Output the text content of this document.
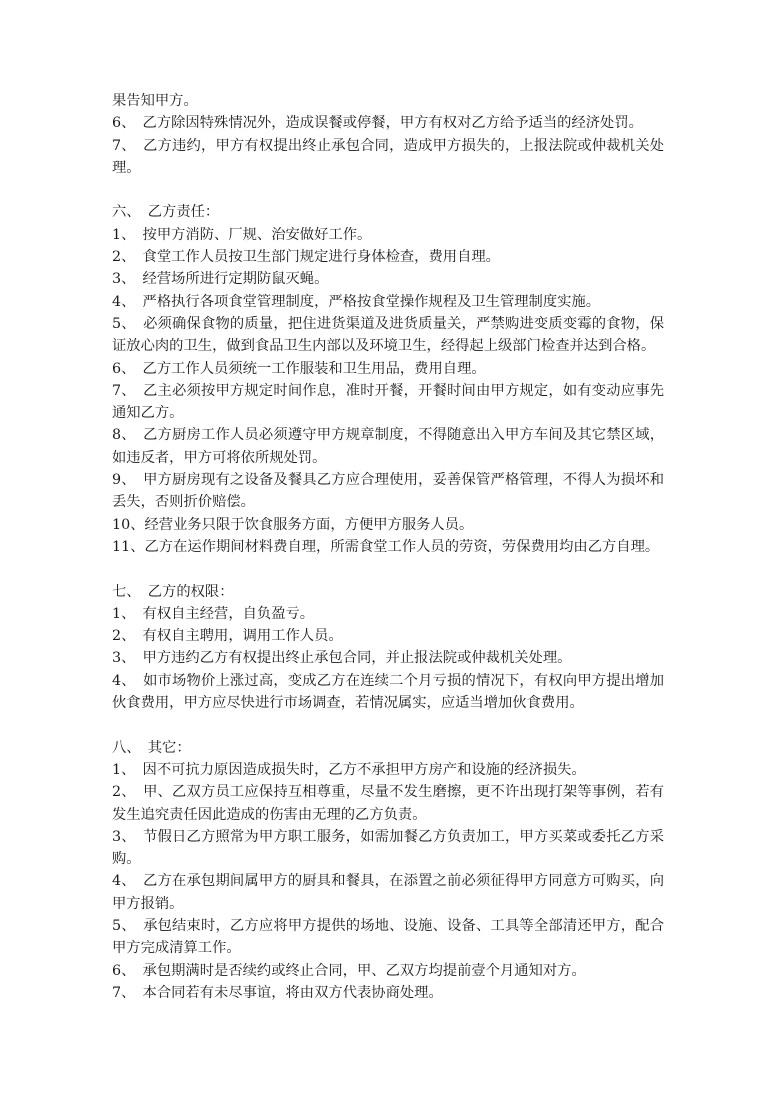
果告知甲方。

6、　乙方除因特殊情况外，造成误餐或停餐，甲方有权对乙方给予适当的经济处罚。

7、　乙方违约，甲方有权提出终止承包合同，造成甲方损失的，上报法院或仲裁机关处理。

六、　乙方责任：

1、　按甲方消防、厂规、治安做好工作。

2、　食堂工作人员按卫生部门规定进行身体检查，费用自理。

3、　经营场所进行定期防鼠灭蝇。

4、　严格执行各项食堂管理制度，严格按食堂操作规程及卫生管理制度实施。

5、　必须确保食物的质量，把住进货渠道及进货质量关，严禁购进变质变霉的食物，保证放心肉的卫生，做到食品卫生内部以及环境卫生，经得起上级部门检查并达到合格。

6、　乙方工作人员须统一工作服装和卫生用品，费用自理。

7、　乙主必须按甲方规定时间作息，准时开餐，开餐时间由甲方规定，如有变动应事先通知乙方。

8、　乙方厨房工作人员必须遵守甲方规章制度，不得随意出入甲方车间及其它禁区域，如违反者，甲方可将依所规处罚。

9、　甲方厨房现有之设备及餐具乙方应合理使用，妥善保管严格管理，不得人为损坏和丢失，否则折价赔偿。

10、经营业务只限于饮食服务方面，方便甲方服务人员。

11、乙方在运作期间材料费自理，所需食堂工作人员的劳资，劳保费用均由乙方自理。

七、　乙方的权限：

1、　有权自主经营，自负盈亏。

2、　有权自主聘用，调用工作人员。

3、　甲方违约乙方有权提出终止承包合同，并止报法院或仲裁机关处理。

4、　如市场物价上涨过高，变成乙方在连续二个月亏损的情况下，有权向甲方提出增加伙食费用，甲方应尽快进行市场调查，若情况属实，应适当增加伙食费用。

八、　其它：

1、　因不可抗力原因造成损失时，乙方不承担甲方房产和设施的经济损失。

2、　甲、乙双方员工应保持互相尊重，尽量不发生磨擦，更不许出现打架等事例，若有发生追究责任因此造成的伤害由无理的乙方负责。

3、　节假日乙方照常为甲方职工服务，如需加餐乙方负责加工，甲方买菜或委托乙方采购。

4、　乙方在承包期间属甲方的厨具和餐具，在添置之前必须征得甲方同意方可购买，向甲方报销。

5、　承包结束时，乙方应将甲方提供的场地、设施、设备、工具等全部清还甲方，配合甲方完成清算工作。

6、　承包期满时是否续约或终止合同，甲、乙双方均提前壹个月通知对方。

7、　本合同若有未尽事谊，将由双方代表协商处理。
